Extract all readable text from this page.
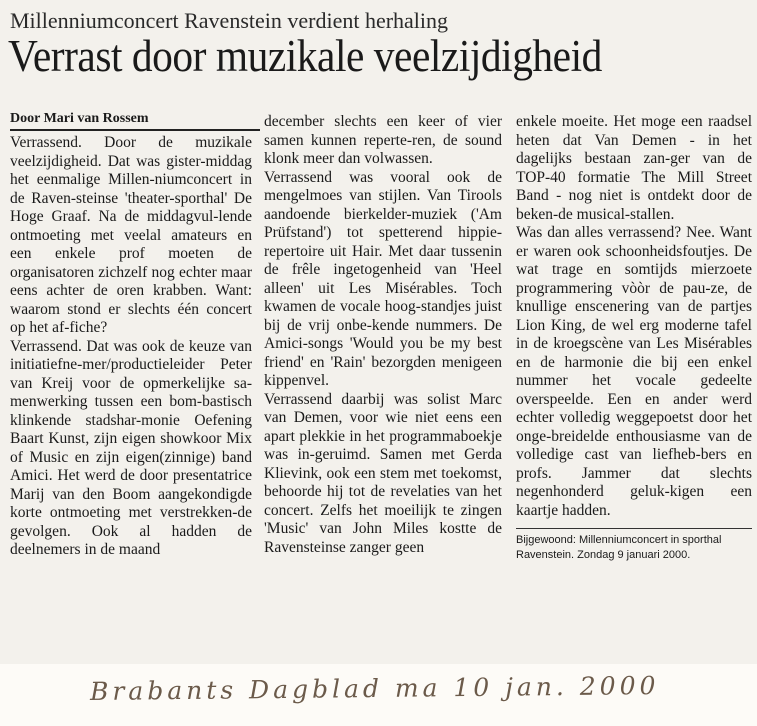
Millenniumconcert Ravenstein verdient herhaling
Verrast door muzikale veelzijdigheid
Door Mari van Rossem

Verrassend. Door de muzikale veelzijdigheid. Dat was gister-middag het eenmalige Millen-niumconcert in de Raven-steinse 'theater-sporthal' De Hoge Graaf. Na de middagvul-lende ontmoeting met veelal amateurs en een enkele prof moeten de organisatoren zichzelf nog echter maar eens achter de oren krabben. Want: waarom stond er slechts één concert op het af-fiche?

Verrassend. Dat was ook de keuze van initiatiefne-mer/productieleider Peter van Kreij voor de opmerkelijke sa-menwerking tussen een bom-bastisch klinkende stadshar-monie Oefening Baart Kunst, zijn eigen showkoor Mix of Music en zijn eigen(zinnige) band Amici. Het werd de door presentatrice Marij van den Boom aangekondigde korte ontmoeting met verstrekken-de gevolgen. Ook al hadden de deelnemers in de maand

december slechts een keer of vier samen kunnen reperte-ren, de sound klonk meer dan volwassen.

Verrassend was vooral ook de mengelmoes van stijlen. Van Tirools aandoende bierkelder-muziek ('Am Prüfstand') tot spetterend hippie-repertoire uit Hair. Met daar tussenin de frêle ingetogenheid van 'Heel alleen' uit Les Misérables. Toch kwamen de vocale hoog-standjes juist bij de vrij onbe-kende nummers. De Amici-songs 'Would you be my best friend' en 'Rain' bezorgden menigeen kippenvel.

Verrassend daarbij was solist Marc van Demen, voor wie niet eens een apart plekkie in het programmaboekje was in-geruimd. Samen met Gerda Klievink, ook een stem met toekomst, behoorde hij tot de revelaties van het concert. Zelfs het moeilijk te zingen 'Music' van John Miles kostte de Ravensteinse zanger geen

enkele moeite. Het moge een raadsel heten dat Van Demen - in het dagelijks bestaan zan-ger van de TOP-40 formatie The Mill Street Band - nog niet is ontdekt door de beken-de musical-stallen.

Was dan alles verrassend? Nee. Want er waren ook schoonheidsfoutjes. De wat trage en somtijds mierzoete programmering vòòr de pau-ze, de knullige enscenering van de partjes Lion King, de wel erg moderne tafel in de kroegscène van Les Misérables en de harmonie die bij een enkel nummer het vocale gedeelte overspeelde. Een en ander werd echter volledig weggepoetst door het onge-breidelde enthousiasme van de volledige cast van liefheb-bers en profs. Jammer dat slechts negenhonderd geluk-kigen een kaartje hadden.

Bijgewoond: Millenniumconcert in sporthal Ravenstein. Zondag 9 januari 2000.

Brabants Dagblad ma 10 jan. 2000
